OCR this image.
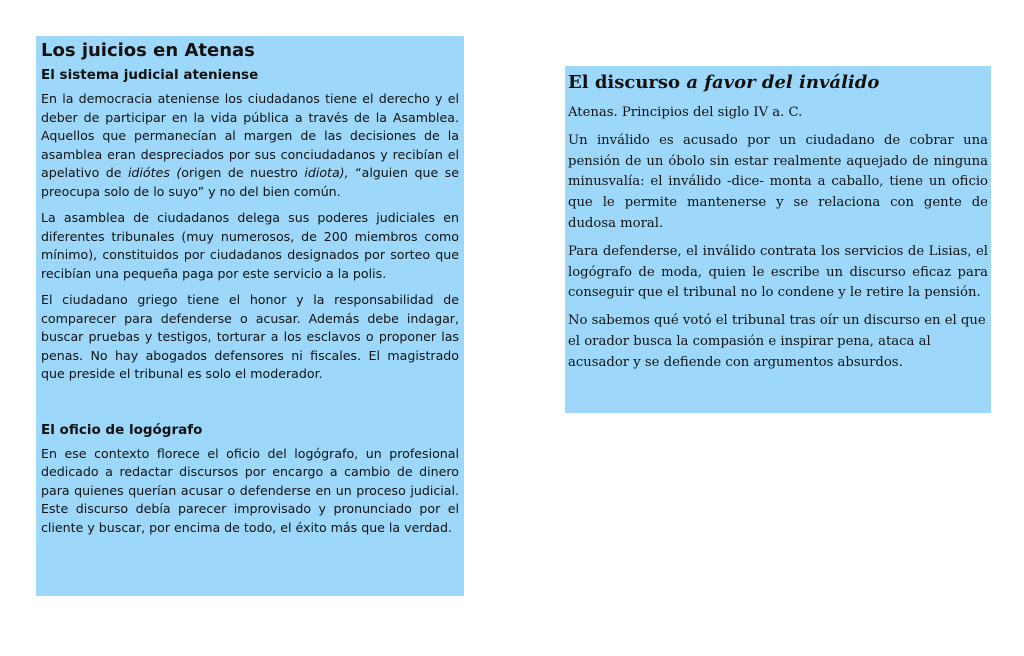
Los juicios en Atenas
El sistema judicial ateniense

En la democracia ateniense los ciudadanos tiene el derecho y el deber de participar en la vida pública a través de la Asamblea. Aquellos que permanecían al margen de las decisiones de la asamblea eran despreciados por sus conciudadanos y recibían el apelativo de idiótes (origen de nuestro idiota), “alguien que se preocupa solo de lo suyo” y no del bien común.

La asamblea de ciudadanos delega sus poderes judiciales en diferentes tribunales (muy numerosos, de 200 miembros como mínimo), constituidos por ciudadanos designados por sorteo que recibían una pequeña paga por este servicio a la polis.

El ciudadano griego tiene el honor y la responsabilidad de comparecer para defenderse o acusar. Además debe indagar, buscar pruebas y testigos, torturar a los esclavos o proponer las penas. No hay abogados defensores ni fiscales. El magistrado que preside el tribunal es solo el moderador.

El oficio de logógrafo

En ese contexto florece el oficio del logógrafo, un profesional dedicado a redactar discursos por encargo a cambio de dinero para quienes querían acusar o defenderse en un proceso judicial. Este discurso debía parecer improvisado y pronunciado por el cliente y buscar, por encima de todo, el éxito más que la verdad.

El discurso a favor del inválido

Atenas. Principios del siglo IV a. C.

Un inválido es acusado por un ciudadano de cobrar una pensión de un óbolo sin estar realmente aquejado de ninguna minusvalía: el inválido -dice- monta a caballo, tiene un oficio que le permite mantenerse y se relaciona con gente de dudosa moral.

Para defenderse, el inválido contrata los servicios de Lisias, el logógrafo de moda, quien le escribe un discurso eficaz para conseguir que el tribunal no lo condene y le retire la pensión.

No sabemos qué votó el tribunal tras oír un discurso en el que el orador busca la compasión e inspirar pena, ataca al acusador y se defiende con argumentos absurdos.
